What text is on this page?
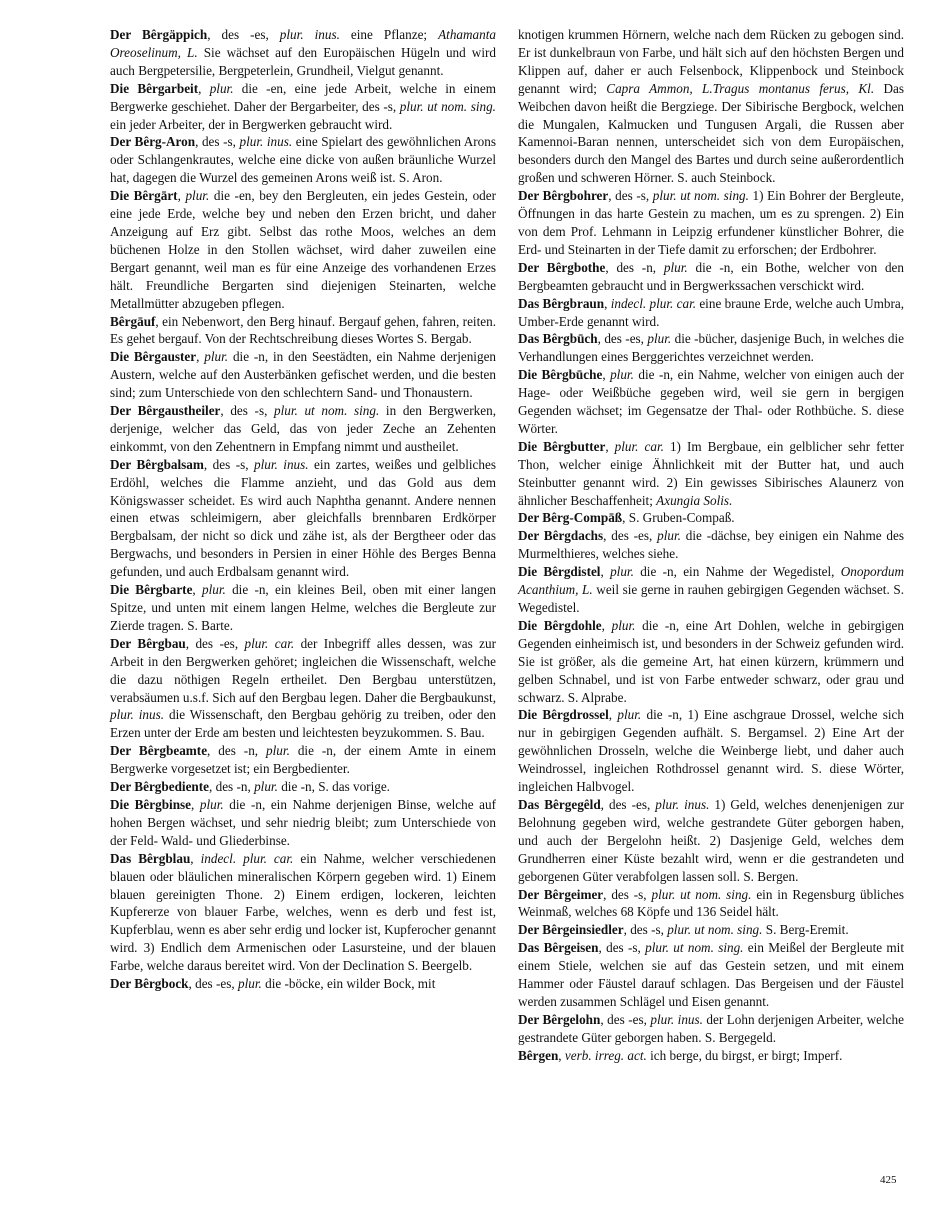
Der Bêrgäppich, des -es, plur. inus. eine Pflanze; Athamanta Oreoselinum, L. Sie wächset auf den Europäischen Hügeln und wird auch Bergpetersilie, Bergpeterlein, Grundheil, Vielgut genannt.
Die Bêrgarbeit, plur. die -en, eine jede Arbeit, welche in einem Bergwerke geschiehet. Daher der Bergarbeiter, des -s, plur. ut nom. sing. ein jeder Arbeiter, der in Bergwerken gebraucht wird.
Der Bêrg-Aron, des -s, plur. inus. eine Spielart des gewöhnlichen Arons oder Schlangenkrautes, welche eine dicke von außen bräunliche Wurzel hat, dagegen die Wurzel des gemeinen Arons weiß ist. S. Aron.
Die Bêrgārt, plur. die -en, bey den Bergleuten, ein jedes Gestein, oder eine jede Erde, welche bey und neben den Erzen bricht, und daher Anzeigung auf Erz gibt. Selbst das rothe Moos, welches an dem büchenen Holze in den Stollen wächset, wird daher zuweilen eine Bergart genannt, weil man es für eine Anzeige des vorhandenen Erzes hält. Freundliche Bergarten sind diejenigen Steinarten, welche Metallmütter abzugeben pflegen.
Bêrgāuf, ein Nebenwort, den Berg hinauf. Bergauf gehen, fahren, reiten. Es gehet bergauf. Von der Rechtschreibung dieses Wortes S. Bergab.
Die Bêrgauster, plur. die -n, in den Seestädten, ein Nahme derjenigen Austern, welche auf den Austerbänken gefischet werden, und die besten sind; zum Unterschiede von den schlechtern Sand- und Thonaustern.
Der Bêrgaustheiler, des -s, plur. ut nom. sing. in den Bergwerken, derjenige, welcher das Geld, das von jeder Zeche an Zehenten einkommt, von den Zehentnern in Empfang nimmt und austheilet.
Der Bêrgbalsam, des -s, plur. inus. ein zartes, weißes und gelbliches Erdöhl, welches die Flamme anzieht, und das Gold aus dem Königswasser scheidet. Es wird auch Naphtha genannt. Andere nennen einen etwas schleimigern, aber gleichfalls brennbaren Erdkörper Bergbalsam, der nicht so dick und zähe ist, als der Bergtheer oder das Bergwachs, und besonders in Persien in einer Höhle des Berges Benna gefunden, und auch Erdbalsam genannt wird.
Die Bêrgbarte, plur. die -n, ein kleines Beil, oben mit einer langen Spitze, und unten mit einem langen Helme, welches die Bergleute zur Zierde tragen. S. Barte.
Der Bêrgbau, des -es, plur. car. der Inbegriff alles dessen, was zur Arbeit in den Bergwerken gehöret; ingleichen die Wissenschaft, welche die dazu nöthigen Regeln ertheilet. Den Bergbau unterstützen, verabsäumen u.s.f. Sich auf den Bergbau legen. Daher die Bergbaukunst, plur. inus. die Wissenschaft, den Bergbau gehörig zu treiben, oder den Erzen unter der Erde am besten und leichtesten beyzukommen. S. Bau.
Der Bêrgbeamte, des -n, plur. die -n, der einem Amte in einem Bergwerke vorgesetzet ist; ein Bergbedienter.
Der Bêrgbediente, des -n, plur. die -n, S. das vorige.
Die Bêrgbinse, plur. die -n, ein Nahme derjenigen Binse, welche auf hohen Bergen wächset, und sehr niedrig bleibt; zum Unterschiede von der Feld- Wald- und Gliederbinse.
Das Bêrgblau, indecl. plur. car. ein Nahme, welcher verschiedenen blauen oder bläulichen mineralischen Körpern gegeben wird. 1) Einem blauen gereinigten Thone. 2) Einem erdigen, lockeren, leichten Kupfererze von blauer Farbe, welches, wenn es derb und fest ist, Kupferblau, wenn es aber sehr erdig und locker ist, Kupferocher genannt wird. 3) Endlich dem Armenischen oder Lasursteine, und der blauen Farbe, welche daraus bereitet wird. Von der Declination S. Beergelb.
Der Bêrgbock, des -es, plur. die -böcke, ein wilder Bock, mit
knotigen krummen Hörnern, welche nach dem Rücken zu gebogen sind. Er ist dunkelbraun von Farbe, und hält sich auf den höchsten Bergen und Klippen auf, daher er auch Felsenbock, Klippenbock und Steinbock genannt wird; Capra Ammon, L.Tragus montanus ferus, Kl. Das Weibchen davon heißt die Bergziege. Der Sibirische Bergbock, welchen die Mungalen, Kalmucken und Tungusen Argali, die Russen aber Kamennoi-Baran nennen, unterscheidet sich von dem Europäischen, besonders durch den Mangel des Bartes und durch seine außerordentlich großen und schweren Hörner. S. auch Steinbock.
Der Bêrgbohrer, des -s, plur. ut nom. sing. 1) Ein Bohrer der Bergleute, Öffnungen in das harte Gestein zu machen, um es zu sprengen. 2) Ein von dem Prof. Lehmann in Leipzig erfundener künstlicher Bohrer, die Erd- und Steinarten in der Tiefe damit zu erforschen; der Erdbohrer.
Der Bêrgbothe, des -n, plur. die -n, ein Bothe, welcher von den Bergbeamten gebraucht und in Bergwerkssachen verschickt wird.
Das Bêrgbraun, indecl. plur. car. eine braune Erde, welche auch Umbra, Umber-Erde genannt wird.
Das Bêrgbūch, des -es, plur. die -bücher, dasjenige Buch, in welches die Verhandlungen eines Berggerichtes verzeichnet werden.
Die Bêrgbūche, plur. die -n, ein Nahme, welcher von einigen auch der Hage- oder Weißbüche gegeben wird, weil sie gern in bergigen Gegenden wächset; im Gegensatze der Thal- oder Rothbüche. S. diese Wörter.
Die Bêrgbutter, plur. car. 1) Im Bergbaue, ein gelblicher sehr fetter Thon, welcher einige Ähnlichkeit mit der Butter hat, und auch Steinbutter genannt wird. 2) Ein gewisses Sibirisches Alaunerz von ähnlicher Beschaffenheit; Axungia Solis.
Der Bêrg-Compāß, S. Gruben-Compaß.
Der Bêrgdachs, des -es, plur. die -dächse, bey einigen ein Nahme des Murmelthieres, welches siehe.
Die Bêrgdistel, plur. die -n, ein Nahme der Wegedistel, Onopordum Acanthium, L. weil sie gerne in rauhen gebirgigen Gegenden wächset. S. Wegedistel.
Die Bêrgdohle, plur. die -n, eine Art Dohlen, welche in gebirgigen Gegenden einheimisch ist, und besonders in der Schweiz gefunden wird. Sie ist größer, als die gemeine Art, hat einen kürzern, krümmern und gelben Schnabel, und ist von Farbe entweder schwarz, oder grau und schwarz. S. Alprabe.
Die Bêrgdrossel, plur. die -n, 1) Eine aschgraue Drossel, welche sich nur in gebirgigen Gegenden aufhält. S. Bergamsel. 2) Eine Art der gewöhnlichen Drosseln, welche die Weinberge liebt, und daher auch Weindrossel, ingleichen Rothdrossel genannt wird. S. diese Wörter, ingleichen Halbvogel.
Das Bêrgegêld, des -es, plur. inus. 1) Geld, welches denenjenigen zur Belohnung gegeben wird, welche gestrandete Güter geborgen haben, und auch der Bergelohn heißt. 2) Dasjenige Geld, welches dem Grundherren einer Küste bezahlt wird, wenn er die gestrandeten und geborgenen Güter verabfolgen lassen soll. S. Bergen.
Der Bêrgeimer, des -s, plur. ut nom. sing. ein in Regensburg übliches Weinmaß, welches 68 Köpfe und 136 Seidel hält.
Der Bêrgeinsiedler, des -s, plur. ut nom. sing. S. Berg-Eremit.
Das Bêrgeisen, des -s, plur. ut nom. sing. ein Meißel der Bergleute mit einem Stiele, welchen sie auf das Gestein setzen, und mit einem Hammer oder Fäustel darauf schlagen. Das Bergeisen und der Fäustel werden zusammen Schlägel und Eisen genannt.
Der Bêrgelohn, des -es, plur. inus. der Lohn derjenigen Arbeiter, welche gestrandete Güter geborgen haben. S. Bergegeld.
Bêrgen, verb. irreg. act. ich berge, du birgst, er birgt; Imperf.
425
